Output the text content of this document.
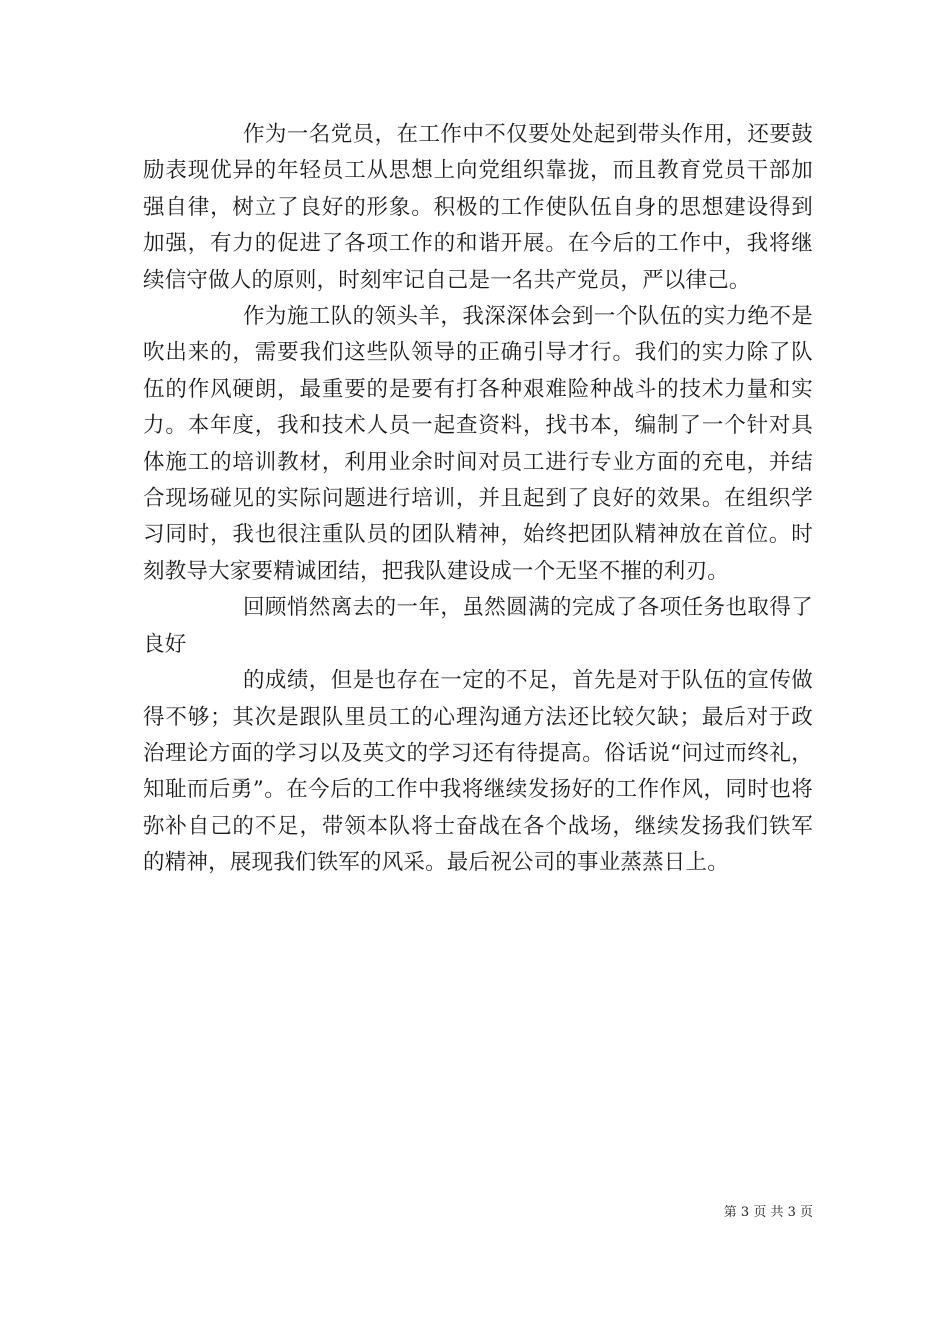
作为一名党员，在工作中不仅要处处起到带头作用，还要鼓励表现优异的年轻员工从思想上向党组织靠拢，而且教育党员干部加强自律，树立了良好的形象。积极的工作使队伍自身的思想建设得到加强，有力的促进了各项工作的和谐开展。在今后的工作中，我将继续信守做人的原则，时刻牢记自己是一名共产党员，严以律己。

作为施工队的领头羊，我深深体会到一个队伍的实力绝不是吹出来的，需要我们这些队领导的正确引导才行。我们的实力除了队伍的作风硬朗，最重要的是要有打各种艰难险种战斗的技术力量和实力。本年度，我和技术人员一起查资料，找书本，编制了一个针对具体施工的培训教材，利用业余时间对员工进行专业方面的充电，并结合现场碰见的实际问题进行培训，并且起到了良好的效果。在组织学习同时，我也很注重队员的团队精神，始终把团队精神放在首位。时刻教导大家要精诚团结，把我队建设成一个无坚不摧的利刃。

回顾悄然离去的一年，虽然圆满的完成了各项任务也取得了良好

的成绩，但是也存在一定的不足，首先是对于队伍的宣传做得不够；其次是跟队里员工的心理沟通方法还比较欠缺；最后对于政治理论方面的学习以及英文的学习还有待提高。俗话说“问过而终礼，知耻而后勇”。在今后的工作中我将继续发扬好的工作作风，同时也将弥补自己的不足，带领本队将士奋战在各个战场，继续发扬我们铁军的精神，展现我们铁军的风采。最后祝公司的事业蒸蒸日上。

第 3 页 共 3 页
